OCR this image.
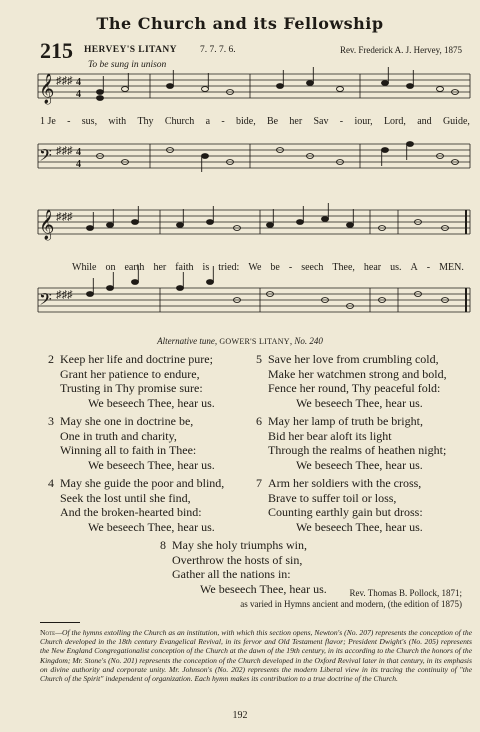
The Church and its Fellowship
215 HERVEY'S LITANY 7. 7. 7. 6.	Rev. Frederick A. J. Hervey, 1875
To be sung in unison
𝄞 ♯♯♯ 4
4
𝄢 ♯♯♯ 4
4
1 Je - sus, with Thy Church a - bide, Be her Sav - iour, Lord, and Guide,
𝄞 ♯♯♯
𝄢 ♯♯♯
While on earth her faith is tried: We be - seech Thee, hear us. A - MEN.
Alternative tune, GOWER'S LITANY, No. 240
2 Keep her life and doctrine pure;
Grant her patience to endure,
Trusting in Thy promise sure:
We beseech Thee, hear us.
5 Save her love from crumbling cold,
Make her watchmen strong and bold,
Fence her round, Thy peaceful fold:
We beseech Thee, hear us.
3 May she one in doctrine be,
One in truth and charity,
Winning all to faith in Thee:
We beseech Thee, hear us.
6 May her lamp of truth be bright,
Bid her bear aloft its light
Through the realms of heathen night;
We beseech Thee, hear us.
4 May she guide the poor and blind,
Seek the lost until she find,
And the broken-hearted bind:
We beseech Thee, hear us.
7 Arm her soldiers with the cross,
Brave to suffer toil or loss,
Counting earthly gain but dross:
We beseech Thee, hear us.
8 May she holy triumphs win,
Overthrow the hosts of sin,
Gather all the nations in:
We beseech Thee, hear us.	Rev. Thomas B. Pollock, 1871;
as varied in Hymns ancient and modern, (the edition of 1875)
Note—Of the hymns extolling the Church as an institution, with which this section opens, Newton's (No. 207) represents the conception of the Church developed in the 18th century Evangelical Revival, in its fervor and Old Testament flavor; President Dwight's (No. 205) represents the New England Congregationalist conception of the Church at the dawn of the 19th century, in its according to the Church the honors of the Kingdom; Mr. Stone's (No. 201) represents the conception of the Church developed in the Oxford Revival later in that century, in its emphasis on divine authority and corporate unity. Mr. Johnson's (No. 202) represents the modern Liberal view in its tracing the continuity of "the Church of the Spirit" independent of organization. Each hymn makes its contribution to a true doctrine of the Church.
192
